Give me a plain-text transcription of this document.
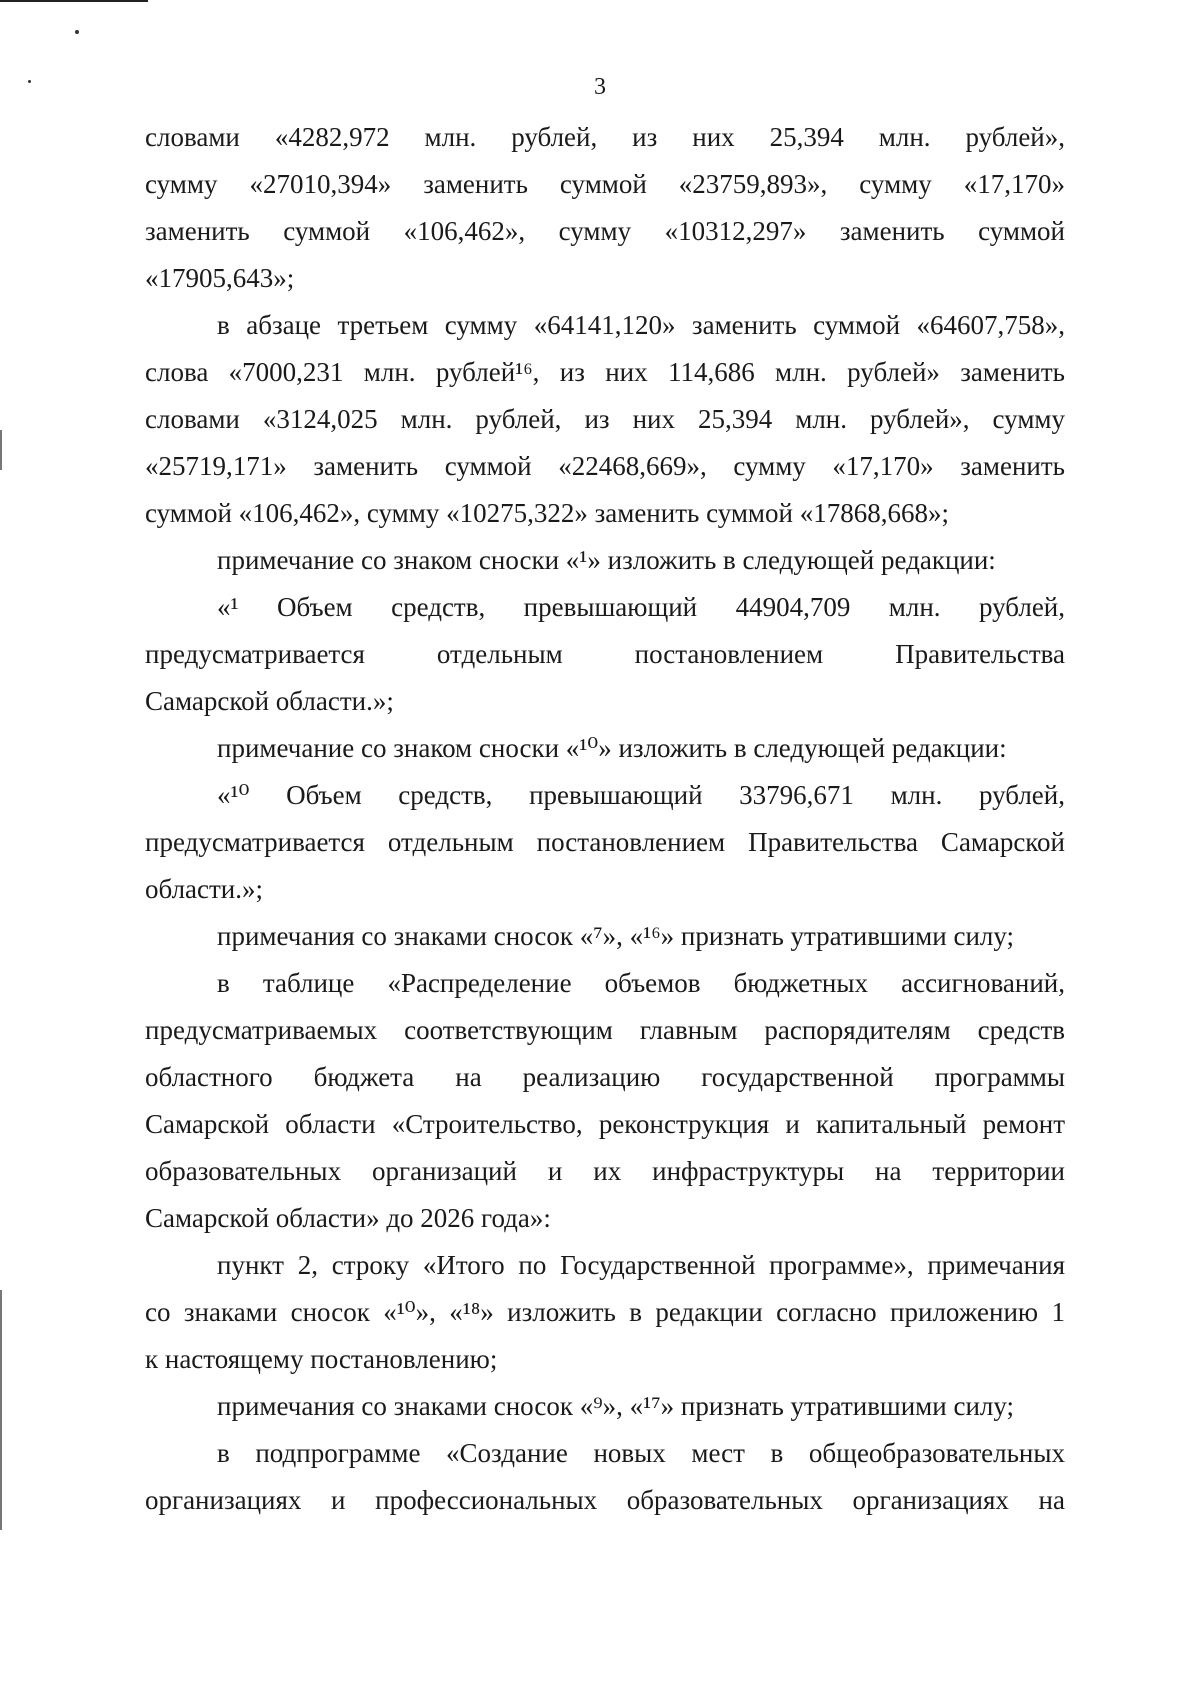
3
словами «4282,972 млн. рублей, из них 25,394 млн. рублей»,
сумму «27010,394» заменить суммой «23759,893», сумму «17,170»
заменить суммой «106,462», сумму «10312,297» заменить суммой
«17905,643»;
в абзаце третьем сумму «64141,120» заменить суммой «64607,758»,
слова «7000,231 млн. рублей¹⁶, из них 114,686 млн. рублей» заменить
словами «3124,025 млн. рублей, из них 25,394 млн. рублей», сумму
«25719,171» заменить суммой «22468,669», сумму «17,170» заменить
суммой «106,462», сумму «10275,322» заменить суммой «17868,668»;
примечание со знаком сноски «¹» изложить в следующей редакции:
«¹ Объем средств, превышающий 44904,709 млн. рублей,
предусматривается отдельным постановлением Правительства
Самарской области.»;
примечание со знаком сноски «¹⁰» изложить в следующей редакции:
«¹⁰ Объем средств, превышающий 33796,671 млн. рублей,
предусматривается отдельным постановлением Правительства Самарской
области.»;
примечания со знаками сносок «⁷», «¹⁶» признать утратившими силу;
в таблице «Распределение объемов бюджетных ассигнований,
предусматриваемых соответствующим главным распорядителям средств
областного бюджета на реализацию государственной программы
Самарской области «Строительство, реконструкция и капитальный ремонт
образовательных организаций и их инфраструктуры на территории
Самарской области» до 2026 года»:
пункт 2, строку «Итого по Государственной программе», примечания
со знаками сносок «¹⁰», «¹⁸» изложить в редакции согласно приложению 1
к настоящему постановлению;
примечания со знаками сносок «⁹», «¹⁷» признать утратившими силу;
в подпрограмме «Создание новых мест в общеобразовательных
организациях и профессиональных образовательных организациях на
